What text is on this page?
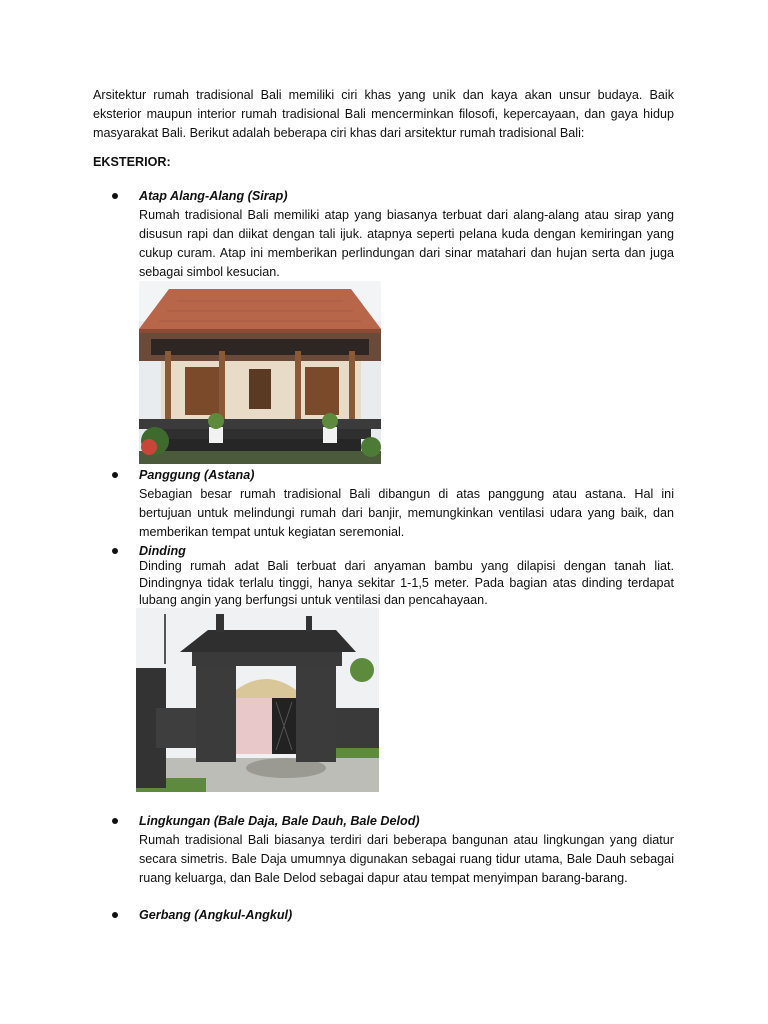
Arsitektur rumah tradisional Bali memiliki ciri khas yang unik dan kaya akan unsur budaya. Baik eksterior maupun interior rumah tradisional Bali mencerminkan filosofi, kepercayaan, dan gaya hidup masyarakat Bali. Berikut adalah beberapa ciri khas dari arsitektur rumah tradisional Bali:
EKSTERIOR:
Atap Alang-Alang (Sirap)
Rumah tradisional Bali memiliki atap yang biasanya terbuat dari alang-alang atau sirap yang disusun rapi dan diikat dengan tali ijuk. atapnya seperti pelana kuda dengan kemiringan yang cukup curam. Atap ini memberikan perlindungan dari sinar matahari dan hujan serta dan juga sebagai simbol kesucian.
Panggung (Astana)
Sebagian besar rumah tradisional Bali dibangun di atas panggung atau astana. Hal ini bertujuan untuk melindungi rumah dari banjir, memungkinkan ventilasi udara yang baik, dan memberikan tempat untuk kegiatan seremonial.
Dinding
Dinding rumah adat Bali terbuat dari anyaman bambu yang dilapisi dengan tanah liat. Dindingnya tidak terlalu tinggi, hanya sekitar 1-1,5 meter. Pada bagian atas dinding terdapat lubang angin yang berfungsi untuk ventilasi dan pencahayaan.
Lingkungan (Bale Daja, Bale Dauh, Bale Delod)
Rumah tradisional Bali biasanya terdiri dari beberapa bangunan atau lingkungan yang diatur secara simetris. Bale Daja umumnya digunakan sebagai ruang tidur utama, Bale Dauh sebagai ruang keluarga, dan Bale Delod sebagai dapur atau tempat menyimpan barang-barang.
Gerbang (Angkul-Angkul)
